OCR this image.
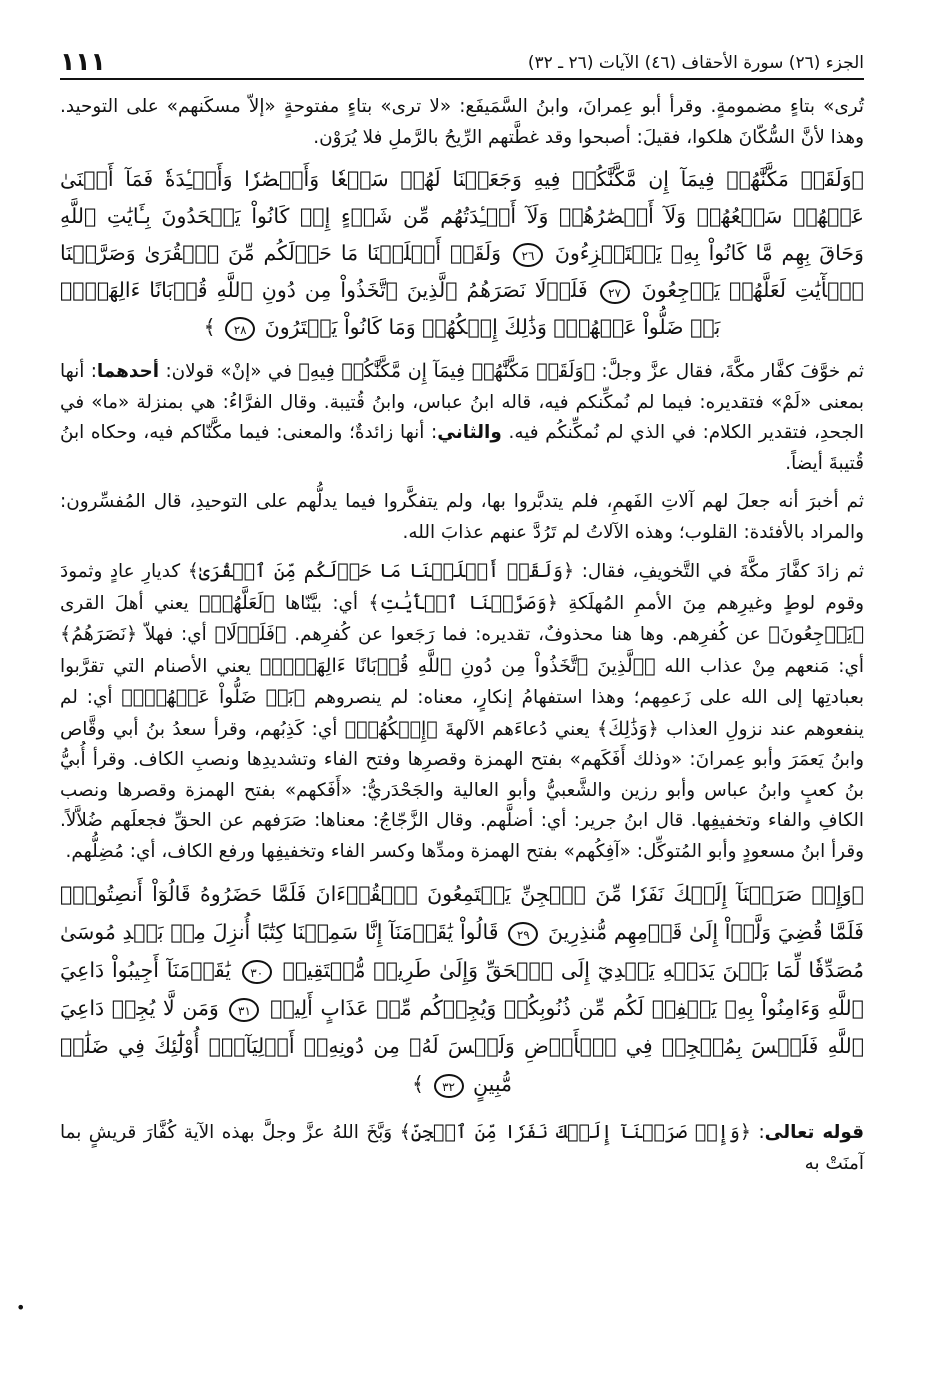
الجزء (٢٦) سورة الأحقاف (٤٦) الآيات (٢٦ ـ ٣٢)
١١١

تُرى» بتاءٍ مضمومةٍ. وقرأ أبو عِمرانَ، وابنُ السَّمَيفَع: «لا ترى» بتاءٍ مفتوحةٍ «إلاّ مسكَنهم» على التوحيد. وهذا لأنَّ السُّكّانَ هلكوا، فقيلَ: أصبحوا وقد غطَّتهم الرِّيحُ بالرَّملِ فلا يُرَوْن.

﴿وَلَقَدۡ مَكَّنَّٰهُمۡ فِيمَآ إِن مَّكَّنَّٰكُمۡ فِيهِ وَجَعَلۡنَا لَهُمۡ سَمۡعٗا وَأَبۡصَٰرٗا وَأَفۡـِٔدَةٗ فَمَآ أَغۡنَىٰ عَنۡهُمۡ سَمۡعُهُمۡ وَلَآ أَبۡصَٰرُهُمۡ وَلَآ أَفۡـِٔدَتُهُم مِّن شَيۡءٍ إِذۡ كَانُواْ يَجۡحَدُونَ بِـَٔايَٰتِ ٱللَّهِ وَحَاقَ بِهِم مَّا كَانُواْ بِهِۦ يَسۡتَهۡزِءُونَ ٢٦ وَلَقَدۡ أَهۡلَكۡنَا مَا حَوۡلَكُم مِّنَ ٱلۡقُرَىٰ وَصَرَّفۡنَا ٱلۡأٓيَٰتِ لَعَلَّهُمۡ يَرۡجِعُونَ ٢٧ فَلَوۡلَا نَصَرَهُمُ ٱلَّذِينَ ٱتَّخَذُواْ مِن دُونِ ٱللَّهِ قُرۡبَانًا ءَالِهَةَۢۖ بَلۡ ضَلُّواْ عَنۡهُمۡۚ وَذَٰلِكَ إِفۡكُهُمۡ وَمَا كَانُواْ يَفۡتَرُونَ ٢٨ ﴾

ثم خوَّفَ كفَّار مكَّةَ، فقال عزَّ وجلَّ: ﴿وَلَقَدۡ مَكَّنَّٰهُمۡ فِيمَآ إِن مَّكَّنَّٰكُمۡ فِيهِ﴾ في «إنْ» قولان: أحدهما: أنها بمعنى «لَمْ» فتقديره: فيما لم نُمكِّنكم فيه، قاله ابنُ عباس، وابنُ قُتيبة. وقال الفرَّاءُ: هي بمنزلة «ما» في الجحدِ، فتقدير الكلام: في الذي لم نُمكِّنكُم فيه. والثاني: أنها زائدةٌ؛ والمعنى: فيما مكَّنّاكم فيه، وحكاه ابنُ قُتيبةَ أيضاً.

ثم أخبرَ أنه جعلَ لهم آلاتِ الفَهمِ، فلم يتدبَّروا بها، ولم يتفكَّروا فيما يدلُّهم على التوحيدِ، قال المُفسِّرون: والمراد بالأفئدة: القلوب؛ وهذه الآلاتُ لم تَرُدَّ عنهم عذابَ الله.

ثم زادَ كفَّارَ مكَّةَ في التَّخويفِ، فقال: ﴿وَلَقَدۡ أَهۡلَكۡنَا مَا حَوۡلَكُم مِّنَ ٱلۡقُرَىٰ﴾ كديارِ عادٍ وثمودَ وقوم لوطٍ وغيرِهم مِنَ الأممِ المُهلَكةِ ﴿وَصَرَّفۡنَا ٱلۡأٓيَٰتِ﴾ أي: بيَّنّاها ﴿لَعَلَّهُمۡ﴾ يعني أهلَ القرى ﴿يَرۡجِعُونَ﴾ عن كُفرِهم. وها هنا محذوفٌ، تقديره: فما رَجَعوا عن كُفرِهم. ﴿فَلَوۡلَا﴾ أي: فهلاّ ﴿نَصَرَهُمُ﴾ أي: مَنعهم مِنْ عذاب الله ﴿ٱلَّذِينَ ٱتَّخَذُواْ مِن دُونِ ٱللَّهِ قُرۡبَانًا ءَالِهَةَۢۖ﴾ يعني الأصنام التي تقرَّبوا بعبادتِها إلى الله على زَعمِهم؛ وهذا استفهامُ إنكارٍ، معناه: لم ينصروهم ﴿بَلۡ ضَلُّواْ عَنۡهُمۡۚ﴾ أي: لم ينفعوهم عند نزولِ العذاب ﴿وَذَٰلِكَ﴾ يعني دُعاءَهم الآلهةَ ﴿إِفۡكُهُمۡ﴾ أي: كَذِبُهم، وقرأ سعدُ بنُ أبي وقَّاص وابنُ يَعمَرَ وأبو عِمرانَ: «وذلك أَفَكَهم» بفتح الهمزة وقصرِها وفتح الفاء وتشديدِها ونصبِ الكاف. وقرأ أُبيُّ بنُ كعبٍ وابنُ عباس وأبو رزين والشَّعبيُّ وأبو العالية والجَحْدَريُّ: «أَفَكهم» بفتح الهمزة وقصرها ونصب الكافِ والفاء وتخفيفِها. قال ابنُ جرير: أي: أضلَّهم. وقال الزَّجّاجُ: معناها: صَرَفهم عن الحقِّ فجعلَهم ضُلاَّلاً. وقرأ ابنُ مسعودٍ وأبو المُتوكِّل: «آفِكُهم» بفتح الهمزة ومدِّها وكسر الفاء وتخفيفِها ورفع الكاف، أي: مُضِلُّهم.

﴿وَإِذۡ صَرَفۡنَآ إِلَيۡكَ نَفَرٗا مِّنَ ٱلۡجِنِّ يَسۡتَمِعُونَ ٱلۡقُرۡءَانَ فَلَمَّا حَضَرُوهُ قَالُوٓاْ أَنصِتُواْۖ فَلَمَّا قُضِيَ وَلَّوۡاْ إِلَىٰ قَوۡمِهِم مُّنذِرِينَ ٢٩ قَالُواْ يَٰقَوۡمَنَآ إِنَّا سَمِعۡنَا كِتَٰبًا أُنزِلَ مِنۢ بَعۡدِ مُوسَىٰ مُصَدِّقٗا لِّمَا بَيۡنَ يَدَيۡهِ يَهۡدِيٓ إِلَى ٱلۡحَقِّ وَإِلَىٰ طَرِيقٖ مُّسۡتَقِيمٖ ٣٠ يَٰقَوۡمَنَآ أَجِيبُواْ دَاعِيَ ٱللَّهِ وَءَامِنُواْ بِهِۦ يَغۡفِرۡ لَكُم مِّن ذُنُوبِكُمۡ وَيُجِرۡكُم مِّنۡ عَذَابٍ أَلِيمٖ ٣١ وَمَن لَّا يُجِبۡ دَاعِيَ ٱللَّهِ فَلَيۡسَ بِمُعۡجِزٖ فِي ٱلۡأَرۡضِ وَلَيۡسَ لَهُۥ مِن دُونِهِۦٓ أَوۡلِيَآءُۚ أُوْلَٰٓئِكَ فِي ضَلَٰلٖ مُّبِينٍ ٣٢ ﴾

قوله تعالى: ﴿وَإِذۡ صَرَفۡنَآ إِلَيۡكَ نَفَرٗا مِّنَ ٱلۡجِنِّ﴾ وَبَّخَ اللهُ عزَّ وجلَّ بهذه الآية كُفَّارَ قريشٍ بما آمنَتْ به

•
